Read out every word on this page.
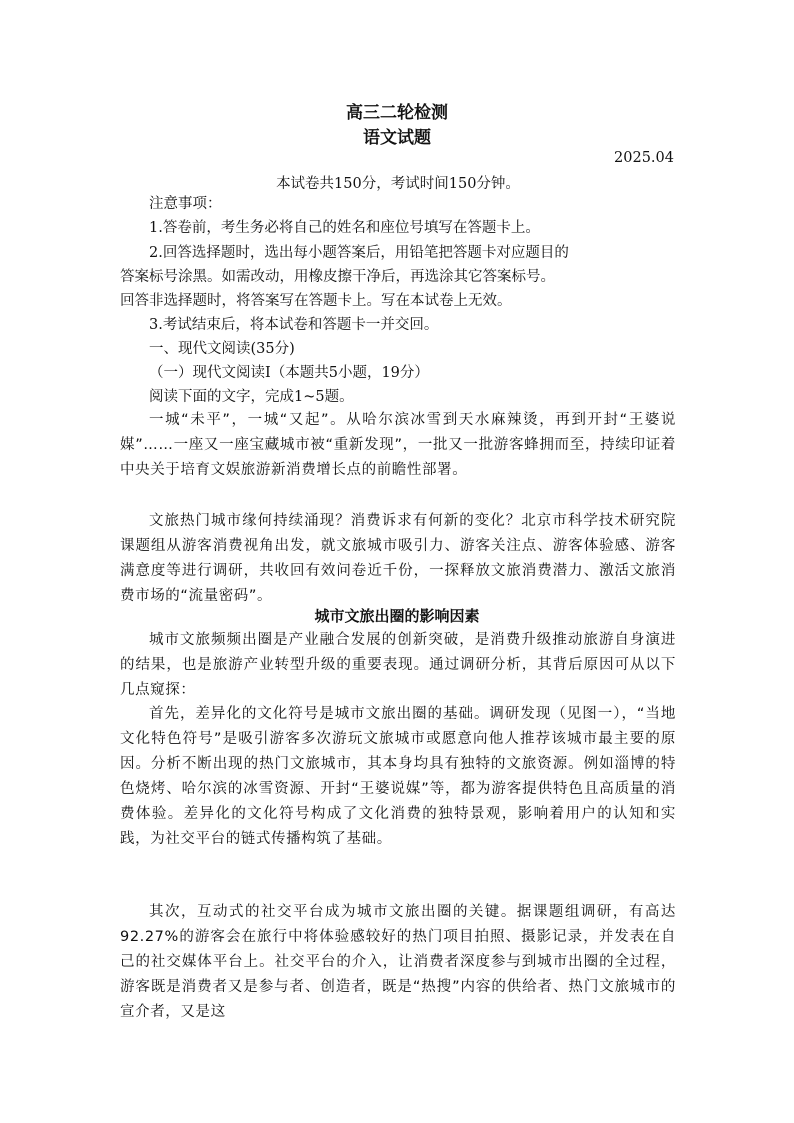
高三二轮检测
语文试题
2025.04
本试卷共150分，考试时间150分钟。
注意事项：
1.答卷前，考生务必将自己的姓名和座位号填写在答题卡上。
2.回答选择题时，选出每小题答案后，用铅笔把答题卡对应题目的
答案标号涂黑。如需改动，用橡皮擦干净后，再选涂其它答案标号。
回答非选择题时，将答案写在答题卡上。写在本试卷上无效。
3.考试结束后，将本试卷和答题卡一并交回。
一、现代文阅读(35分)
（一）现代文阅读Ⅰ（本题共5小题，19分）
阅读下面的文字，完成1~5题。
一城“未平”，一城“又起”。从哈尔滨冰雪到天水麻辣烫，再到开封“王婆说媒”……一座又一座宝藏城市被“重新发现”，一批又一批游客蜂拥而至，持续印证着中央关于培育文娱旅游新消费增长点的前瞻性部署。
文旅热门城市缘何持续涌现？消费诉求有何新的变化？北京市科学技术研究院课题组从游客消费视角出发，就文旅城市吸引力、游客关注点、游客体验感、游客满意度等进行调研，共收回有效问卷近千份，一探释放文旅消费潜力、激活文旅消费市场的“流量密码”。
城市文旅出圈的影响因素
城市文旅频频出圈是产业融合发展的创新突破，是消费升级推动旅游自身演进的结果，也是旅游产业转型升级的重要表现。通过调研分析，其背后原因可从以下几点窥探：
首先，差异化的文化符号是城市文旅出圈的基础。调研发现（见图一），“当地文化特色符号”是吸引游客多次游玩文旅城市或愿意向他人推荐该城市最主要的原因。分析不断出现的热门文旅城市，其本身均具有独特的文旅资源。例如淄博的特色烧烤、哈尔滨的冰雪资源、开封“王婆说媒”等，都为游客提供特色且高质量的消费体验。差异化的文化符号构成了文化消费的独特景观，影响着用户的认知和实践，为社交平台的链式传播构筑了基础。
其次，互动式的社交平台成为城市文旅出圈的关键。据课题组调研，有高达92.27%的游客会在旅行中将体验感较好的热门项目拍照、摄影记录，并发表在自己的社交媒体平台上。社交平台的介入，让消费者深度参与到城市出圈的全过程，游客既是消费者又是参与者、创造者，既是“热搜”内容的供给者、热门文旅城市的宣介者，又是这
